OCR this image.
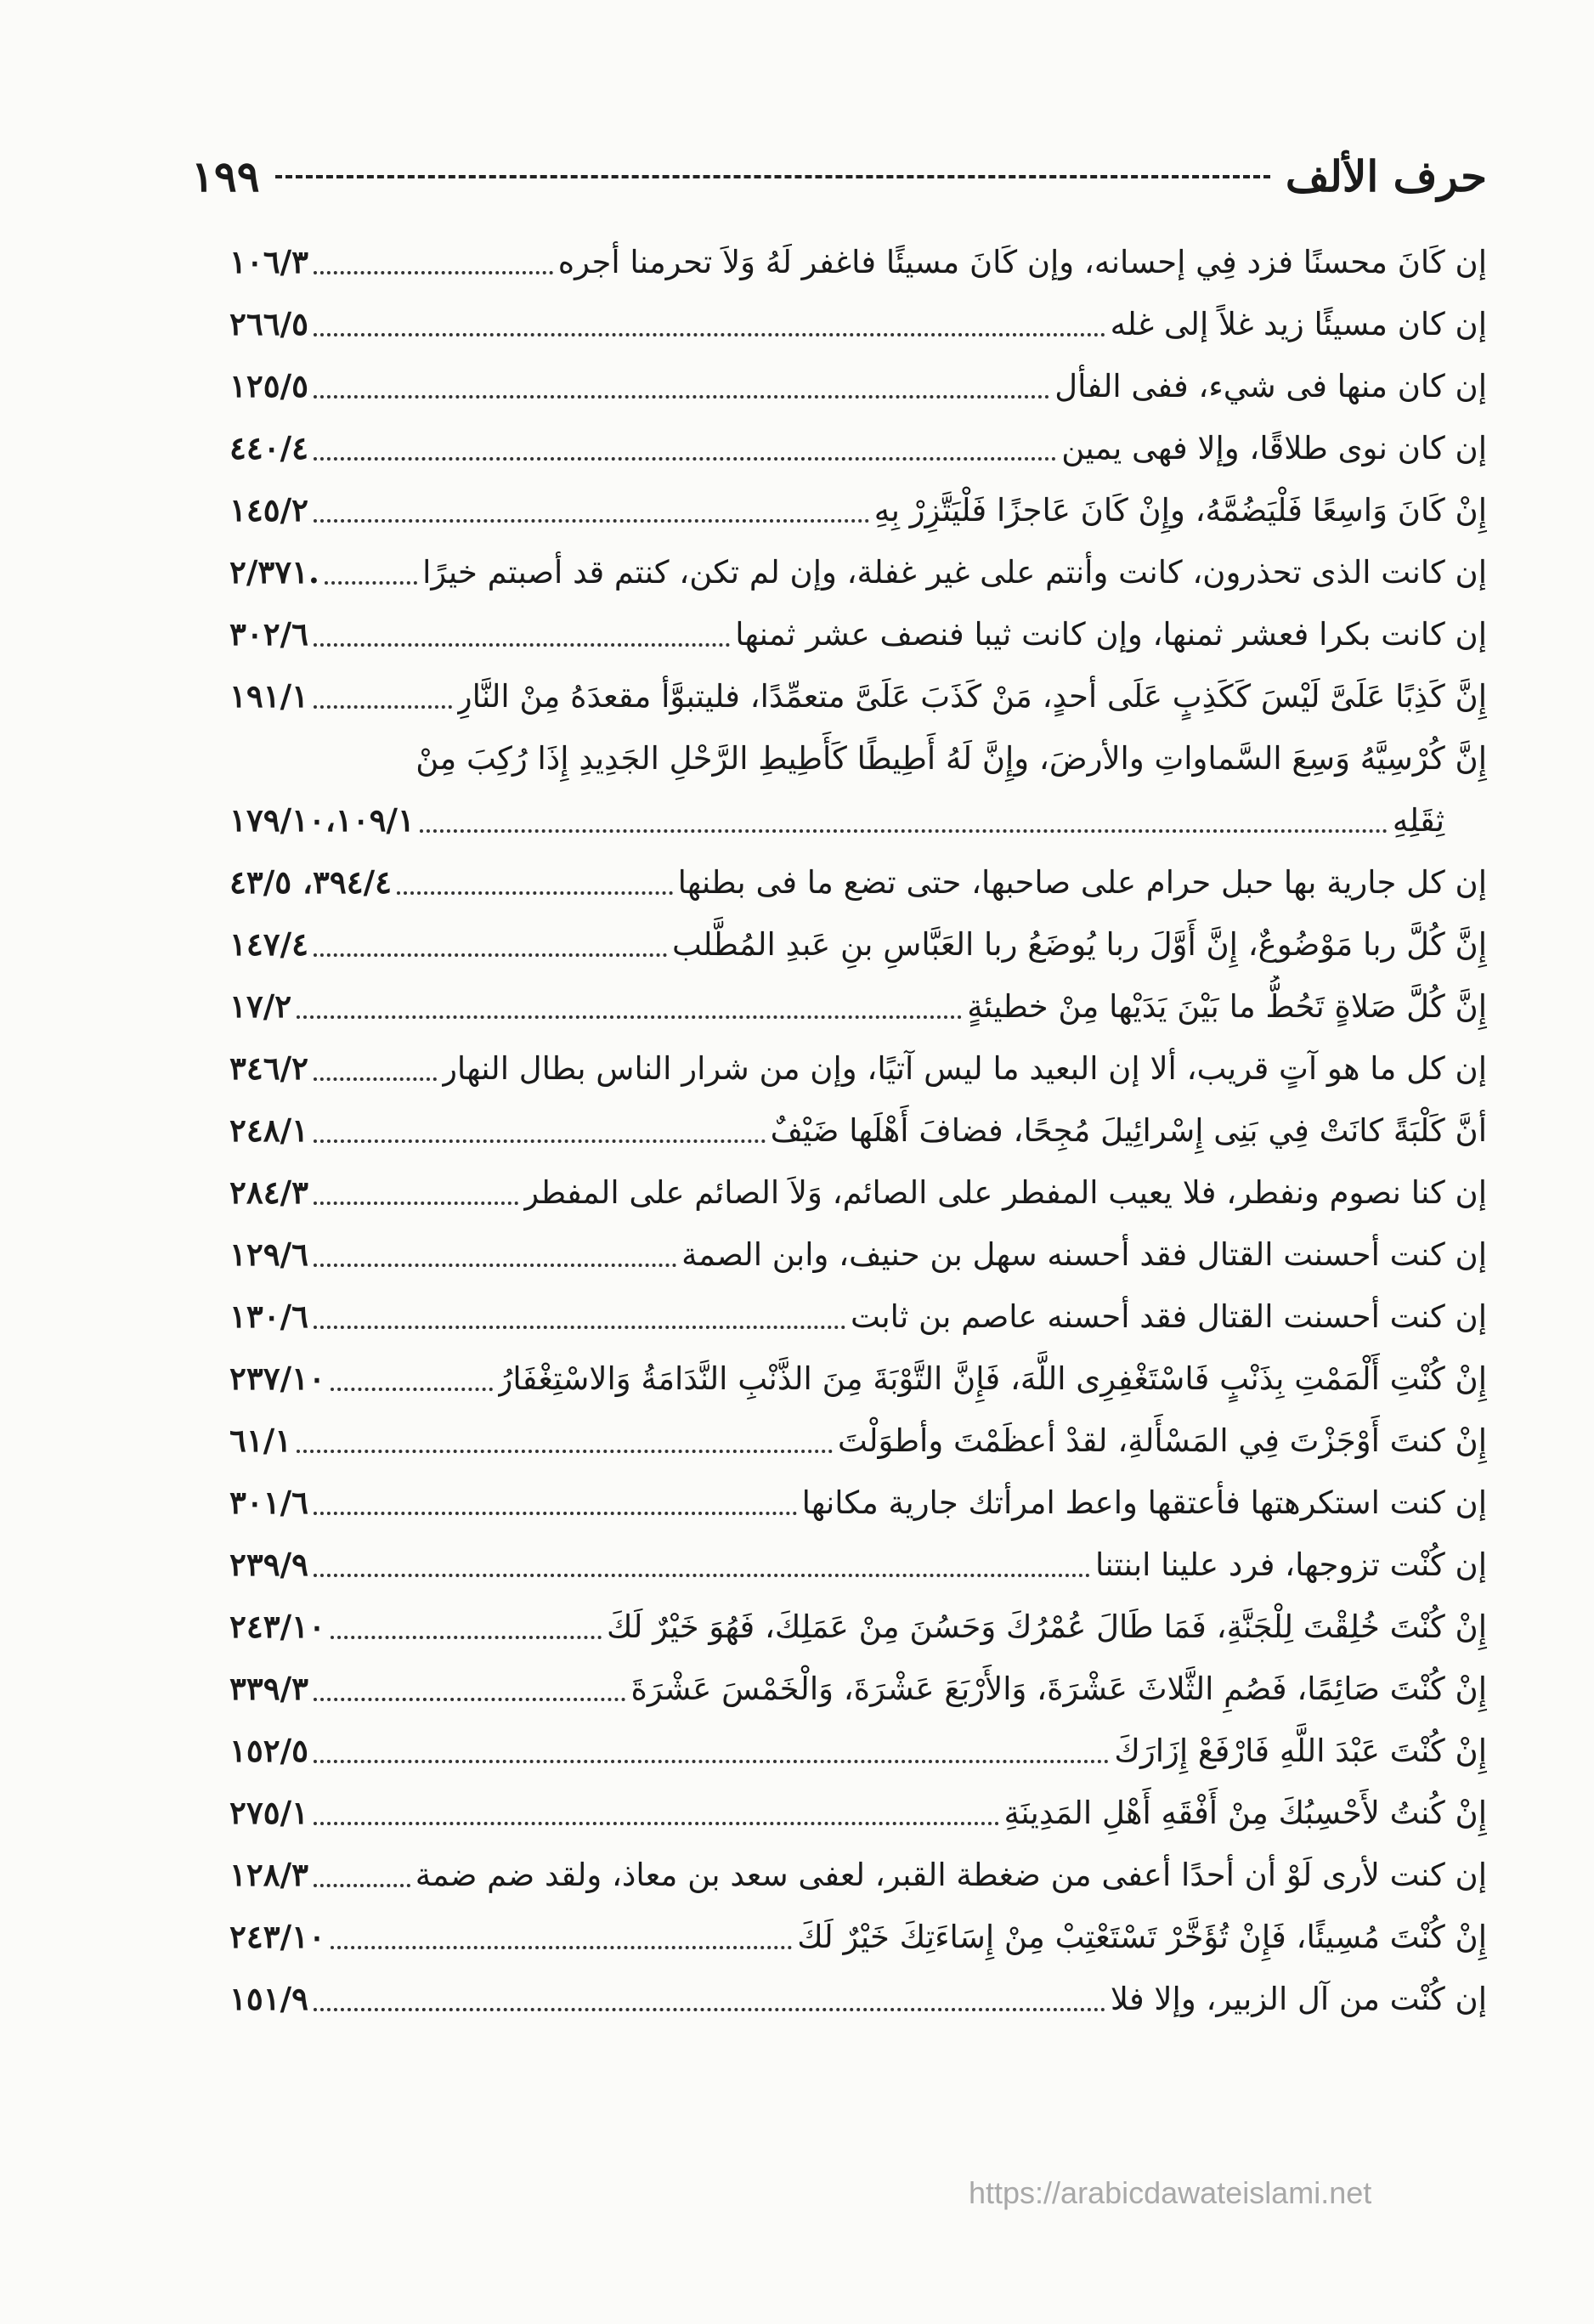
حرف الألف
١٩٩
إن كَانَ محسنًا فزد فِي إحسانه، وإن كَانَ مسيئًا فاغفر لَهُ وَلاَ تحرمنا أجره
١٠٦/٣
إن كان مسيئًا زيد غلاً إلى غله
٢٦٦/٥
إن كان منها فى شيء، ففى الفأل
١٢٥/٥
إن كان نوى طلاقًا، وإلا فهى يمين
٤٤٠/٤
إِنْ كَانَ وَاسِعًا فَلْيَضُمَّهُ، وإِنْ كَانَ عَاجزًا فَلْيَتَّزِرْ بِهِ
١٤٥/٢
إن كانت الذى تحذرون، كانت وأنتم على غير غفلة، وإن لم تكن، كنتم قد أصبتم خيرًا
.٢/٣٧١
إن كانت بكرا فعشر ثمنها، وإن كانت ثيبا فنصف عشر ثمنها
٣٠٢/٦
إِنَّ كَذِبًا عَلَىَّ لَيْسَ كَكَذِبٍ عَلَى أحدٍ، مَنْ كَذَبَ عَلَىَّ متعمِّدًا، فليتبوَّأ مقعدَهُ مِنْ النَّارِ
١٩١/١
إِنَّ كُرْسِيَّهُ وَسِعَ السَّماواتِ والأرضَ، وإِنَّ لَهُ أَطِيطًا كَأَطِيطِ الرَّحْلِ الجَدِيدِ إِذَا رُكِبَ مِنْ
ثِقَلِهِ
١٧٩/١٠،١٠٩/١
إن كل جارية بها حبل حرام على صاحبها، حتى تضع ما فى بطنها
٣٩٤/٤، ٤٣/٥
إِنَّ كُلَّ ربا مَوْضُوعٌ، إِنَّ أَوَّلَ ربا يُوضَعُ ربا العَبَّاسِ بنِ عَبدِ المُطَّلب
١٤٧/٤
إِنَّ كُلَّ صَلاةٍ تَحُطُّ ما بَيْنَ يَدَيْها مِنْ خطيئةٍ
١٧/٢
إن كل ما هو آتٍ قريب، ألا إن البعيد ما ليس آتيًا، وإن من شرار الناس بطال النهار
٣٤٦/٢
أنَّ كَلْبَةً كانَتْ فِي بَنِى إِسْرائِيلَ مُجِحًا، فضافَ أَهْلَها ضَيْفٌ
٢٤٨/١
إن كنا نصوم ونفطر، فلا يعيب المفطر على الصائم، وَلاَ الصائم على المفطر
٢٨٤/٣
إن كنت أحسنت القتال فقد أحسنه سهل بن حنيف، وابن الصمة
١٢٩/٦
إن كنت أحسنت القتال فقد أحسنه عاصم بن ثابت
١٣٠/٦
إِنْ كُنْتِ أَلْمَمْتِ بِذَنْبٍ فَاسْتَغْفِرِى اللَّهَ، فَإِنَّ التَّوْبَةَ مِنَ الذَّنْبِ النَّدَامَةُ وَالاسْتِغْفَارُ
٢٣٧/١٠
إِنْ كنتَ أَوْجَزْتَ فِي المَسْأَلةِ، لقدْ أعظَمْتَ وأطوَلْتَ
٦١/١
إن كنت استكرهتها فأعتقها واعط امرأتك جارية مكانها
٣٠١/٦
إن كُنْت تزوجها، فرد علينا ابنتنا
٢٣٩/٩
إِنْ كُنْتَ خُلِقْتَ لِلْجَنَّةِ، فَمَا طَالَ عُمْرُكَ وَحَسُنَ مِنْ عَمَلِكَ، فَهُوَ خَيْرٌ لَكَ
٢٤٣/١٠
إِنْ كُنْتَ صَائِمًا، فَصُمِ الثَّلاثَ عَشْرَةَ، وَالأَرْبَعَ عَشْرَةَ، وَالْخَمْسَ عَشْرَةَ
٣٣٩/٣
إِنْ كُنْتَ عَبْدَ اللَّهِ فَارْفَعْ إِزَارَكَ
١٥٢/٥
إِنْ كُنتُ لأَحْسِبُكَ مِنْ أَفْقَهِ أَهْلِ المَدِينَةِ
٢٧٥/١
إن كنت لأرى لَوْ أن أحدًا أعفى من ضغطة القبر، لعفى سعد بن معاذ، ولقد ضم ضمة
١٢٨/٣
إِنْ كُنْتَ مُسِيئًا، فَإِنْ تُؤَخَّرْ تَسْتَعْتِبْ مِنْ إِسَاءَتِكَ خَيْرٌ لَكَ
٢٤٣/١٠
إن كُنْت من آل الزبير، وإلا فلا
١٥١/٩
https://arabicdawateislami.net
